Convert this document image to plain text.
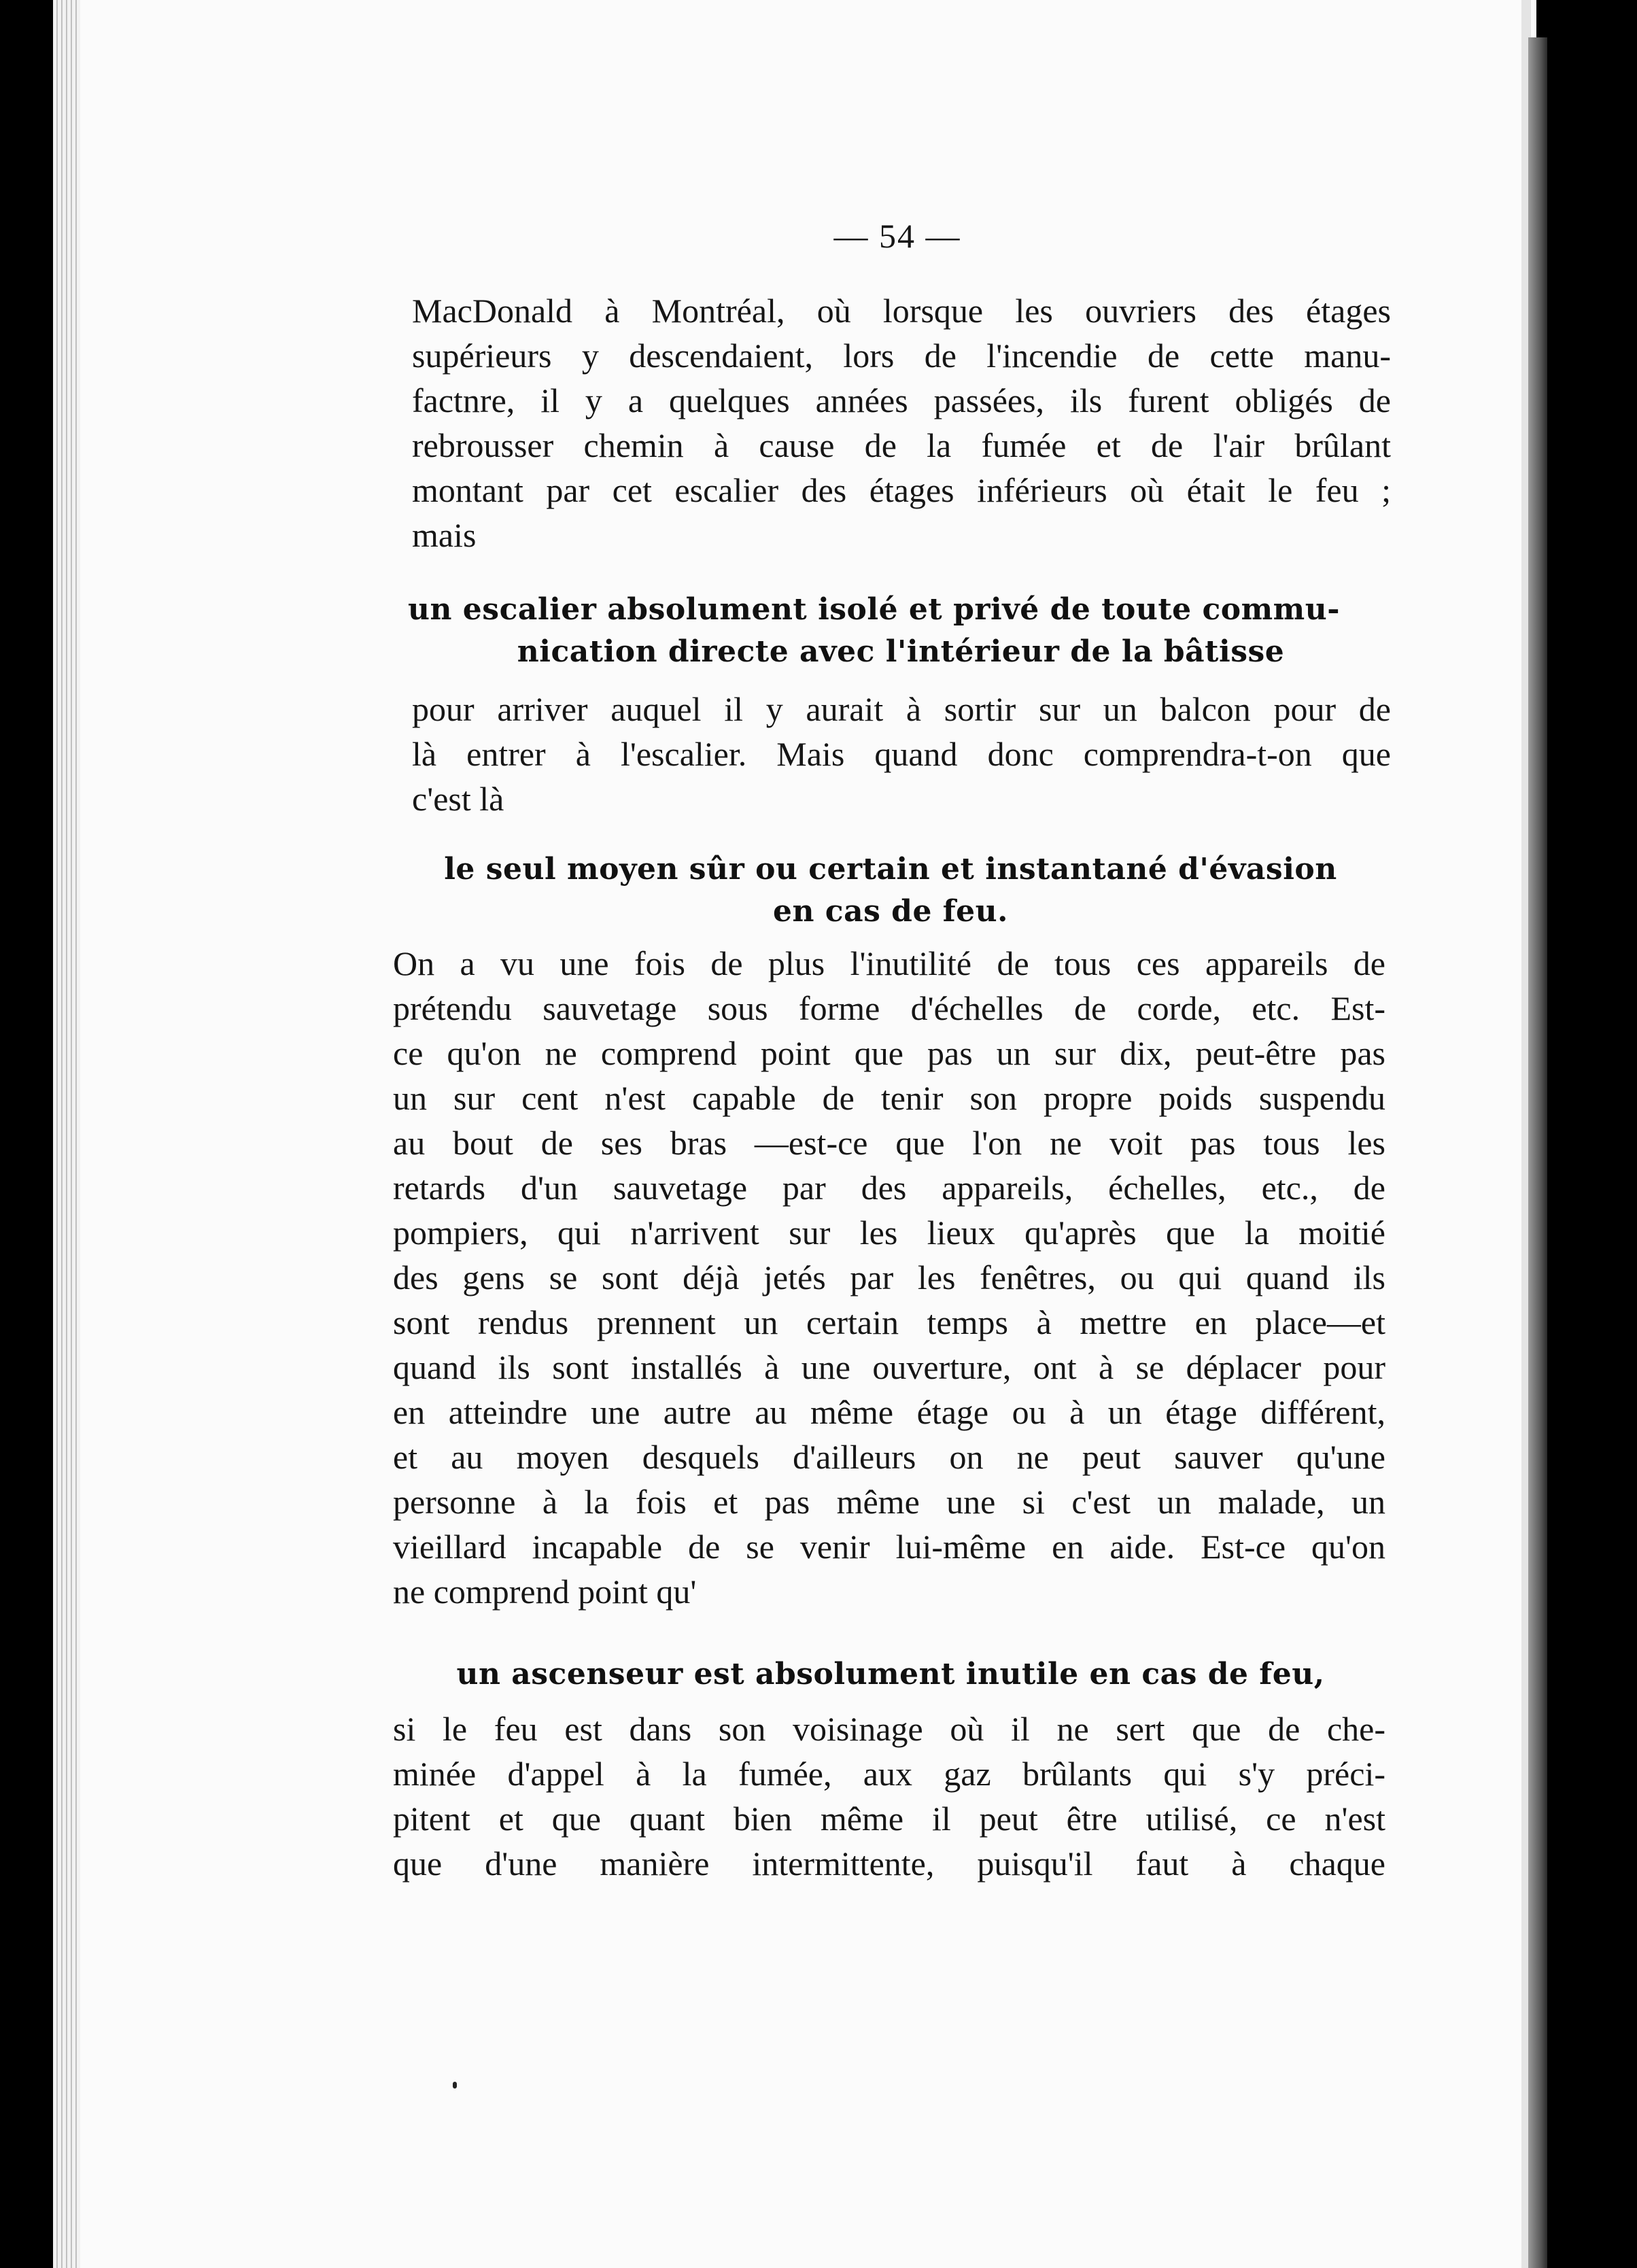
— 54 —
MacDonald à Montréal, où lorsque les ouvriers des étages
supérieurs y descendaient, lors de l'incendie de cette manu-
factnre, il y a quelques années passées, ils furent obligés de
rebrousser chemin à cause de la fumée et de l'air brûlant
montant par cet escalier des étages inférieurs où était le feu ;
mais
un escalier absolument isolé et privé de toute commu-
nication directe avec l'intérieur de la bâtisse
pour arriver auquel il y aurait à sortir sur un balcon pour de
là entrer à l'escalier. Mais quand donc comprendra-t-on que
c'est là
le seul moyen sûr ou certain et instantané d'évasion
en cas de feu.
On a vu une fois de plus l'inutilité de tous ces appareils de
prétendu sauvetage sous forme d'échelles de corde, etc. Est-
ce qu'on ne comprend point que pas un sur dix, peut-être pas
un sur cent n'est capable de tenir son propre poids suspendu
au bout de ses bras —est-ce que l'on ne voit pas tous les
retards d'un sauvetage par des appareils, échelles, etc., de
pompiers, qui n'arrivent sur les lieux qu'après que la moitié
des gens se sont déjà jetés par les fenêtres, ou qui quand ils
sont rendus prennent un certain temps à mettre en place—et
quand ils sont installés à une ouverture, ont à se déplacer pour
en atteindre une autre au même étage ou à un étage différent,
et au moyen desquels d'ailleurs on ne peut sauver qu'une
personne à la fois et pas même une si c'est un malade, un
vieillard incapable de se venir lui-même en aide. Est-ce qu'on
ne comprend point qu'
un ascenseur est absolument inutile en cas de feu,
si le feu est dans son voisinage où il ne sert que de che-
minée d'appel à la fumée, aux gaz brûlants qui s'y préci-
pitent et que quant bien même il peut être utilisé, ce n'est
que d'une manière intermittente, puisqu'il faut à chaque
